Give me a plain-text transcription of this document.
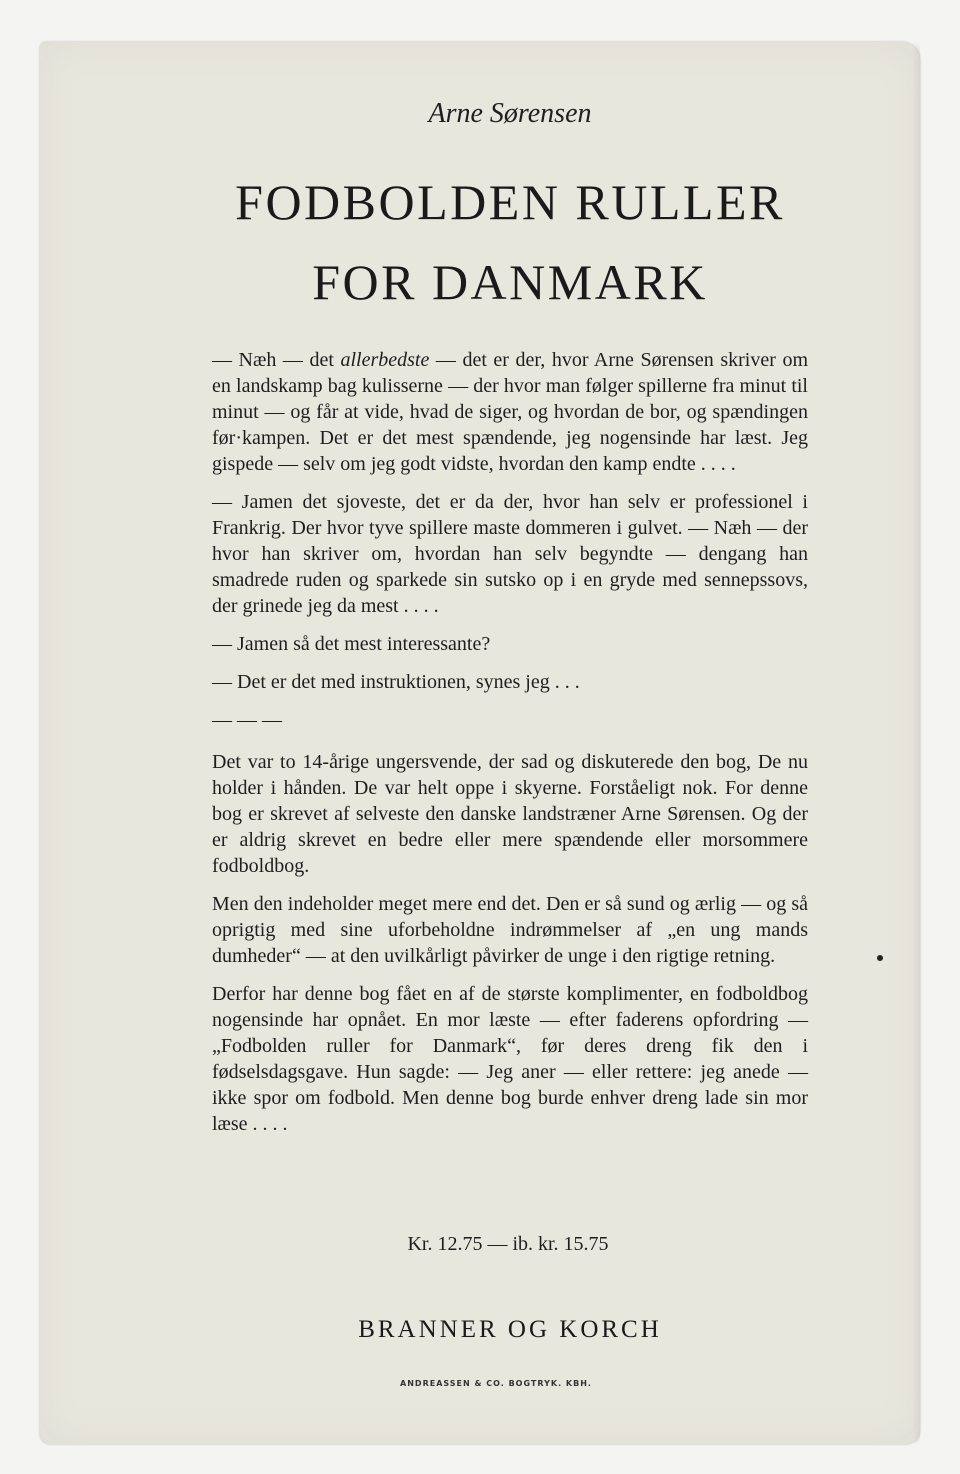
Arne Sørensen
FODBOLDEN RULLER
FOR DANMARK

— Næh — det allerbedste — det er der, hvor Arne Sørensen skriver om en landskamp bag kulisserne — der hvor man følger spillerne fra minut til minut — og får at vide, hvad de siger, og hvordan de bor, og spændingen før·kampen. Det er det mest spændende, jeg nogensinde har læst. Jeg gispede — selv om jeg godt vidste, hvordan den kamp endte . . . .

— Jamen det sjoveste, det er da der, hvor han selv er professionel i Frankrig. Der hvor tyve spillere maste dommeren i gulvet. — Næh — der hvor han skriver om, hvordan han selv begyndte — dengang han smadrede ruden og sparkede sin sutsko op i en gryde med sennepssovs, der grinede jeg da mest . . . .

— Jamen så det mest interessante?

— Det er det med instruktionen, synes jeg . . .

— — —

Det var to 14-årige ungersvende, der sad og diskuterede den bog, De nu holder i hånden. De var helt oppe i skyerne. Forståeligt nok. For denne bog er skrevet af selveste den danske landstræner Arne Sørensen. Og der er aldrig skrevet en bedre eller mere spændende eller morsommere fodboldbog.

Men den indeholder meget mere end det. Den er så sund og ærlig — og så oprigtig med sine uforbeholdne indrømmelser af „en ung mands dumheder“ — at den uvilkårligt påvirker de unge i den rigtige retning.

Derfor har denne bog fået en af de største komplimenter, en fodboldbog nogensinde har opnået. En mor læste — efter faderens opfordring — „Fodbolden ruller for Danmark“, før deres dreng fik den i fødselsdagsgave. Hun sagde: — Jeg aner — eller rettere: jeg anede — ikke spor om fodbold. Men denne bog burde enhver dreng lade sin mor læse . . . .

Kr. 12.75 — ib. kr. 15.75
BRANNER OG KORCH
ANDREASSEN & CO. BOGTRYK. KBH.
